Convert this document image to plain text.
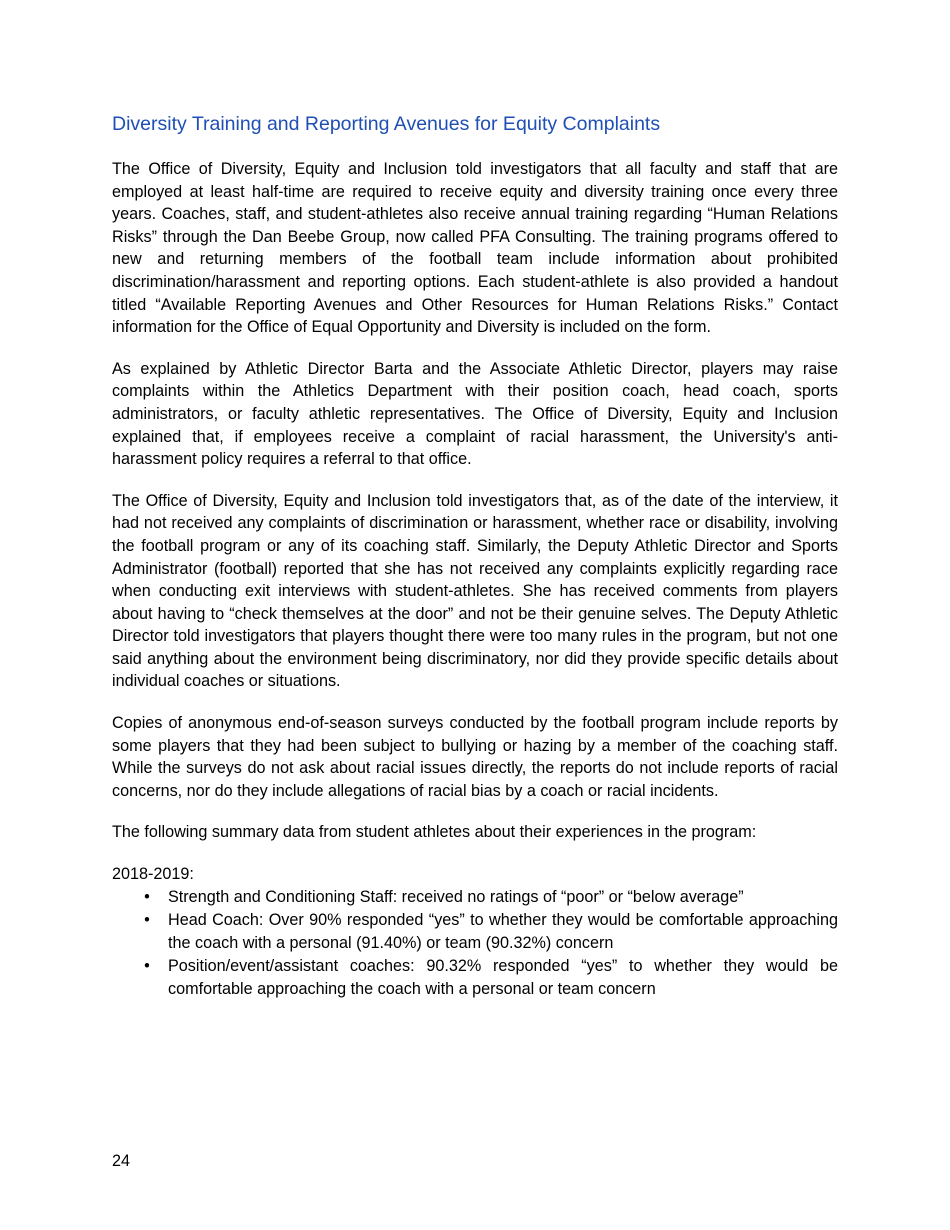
Diversity Training and Reporting Avenues for Equity Complaints

The Office of Diversity, Equity and Inclusion told investigators that all faculty and staff that are employed at least half-time are required to receive equity and diversity training once every three years. Coaches, staff, and student-athletes also receive annual training regarding “Human Relations Risks” through the Dan Beebe Group, now called PFA Consulting. The training programs offered to new and returning members of the football team include information about prohibited discrimination/harassment and reporting options. Each student-athlete is also provided a handout titled “Available Reporting Avenues and Other Resources for Human Relations Risks.” Contact information for the Office of Equal Opportunity and Diversity is included on the form.

As explained by Athletic Director Barta and the Associate Athletic Director, players may raise complaints within the Athletics Department with their position coach, head coach, sports administrators, or faculty athletic representatives. The Office of Diversity, Equity and Inclusion explained that, if employees receive a complaint of racial harassment, the University's anti-harassment policy requires a referral to that office.

The Office of Diversity, Equity and Inclusion told investigators that, as of the date of the interview, it had not received any complaints of discrimination or harassment, whether race or disability, involving the football program or any of its coaching staff. Similarly, the Deputy Athletic Director and Sports Administrator (football) reported that she has not received any complaints explicitly regarding race when conducting exit interviews with student-athletes. She has received comments from players about having to “check themselves at the door” and not be their genuine selves. The Deputy Athletic Director told investigators that players thought there were too many rules in the program, but not one said anything about the environment being discriminatory, nor did they provide specific details about individual coaches or situations.

Copies of anonymous end-of-season surveys conducted by the football program include reports by some players that they had been subject to bullying or hazing by a member of the coaching staff. While the surveys do not ask about racial issues directly, the reports do not include reports of racial concerns, nor do they include allegations of racial bias by a coach or racial incidents.

The following summary data from student athletes about their experiences in the program:

2018-2019:

• Strength and Conditioning Staff: received no ratings of “poor” or “below average”
• Head Coach: Over 90% responded “yes” to whether they would be comfortable approaching the coach with a personal (91.40%) or team (90.32%) concern
• Position/event/assistant coaches: 90.32% responded “yes” to whether they would be comfortable approaching the coach with a personal or team concern
24
